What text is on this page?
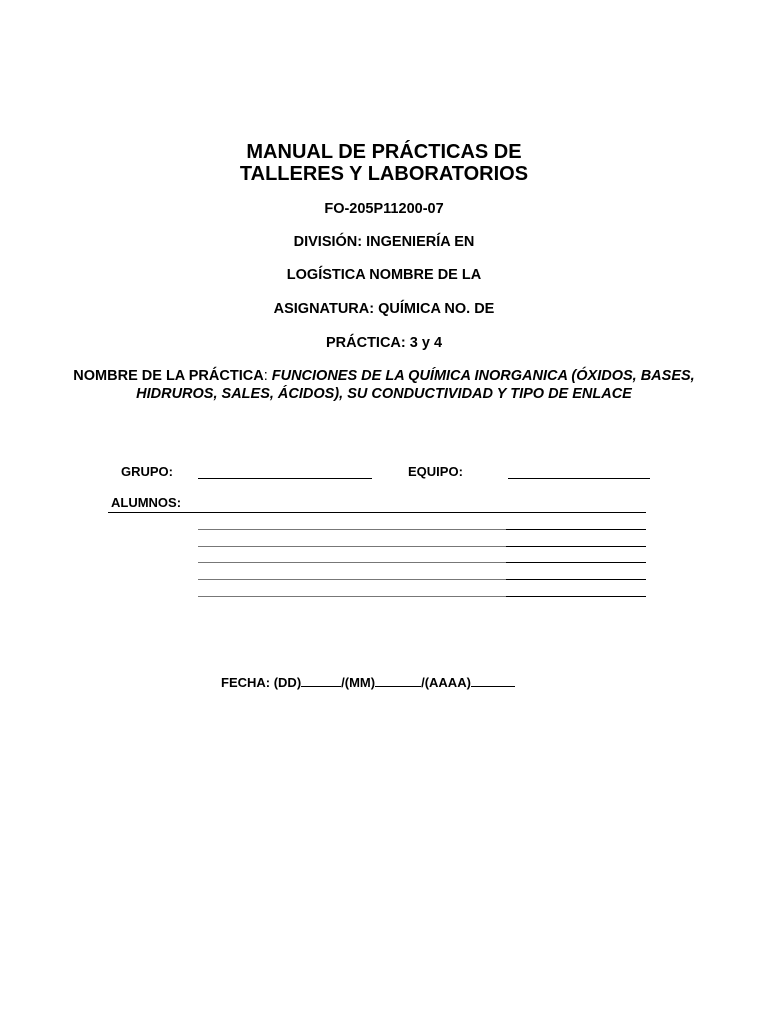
MANUAL DE PRÁCTICAS DE
TALLERES Y LABORATORIOS
FO-205P11200-07
DIVISIÓN: INGENIERÍA EN
LOGÍSTICA NOMBRE DE LA
ASIGNATURA: QUÍMICA NO. DE
PRÁCTICA: 3 y 4
NOMBRE DE LA PRÁCTICA: FUNCIONES DE LA QUÍMICA INORGANICA (ÓXIDOS, BASES, HIDRUROS, SALES, ÁCIDOS), SU CONDUCTIVIDAD Y TIPO DE ENLACE
GRUPO:	EQUIPO:
ALUMNOS:
FECHA: (DD)	/(MM)	/(AAAA)
